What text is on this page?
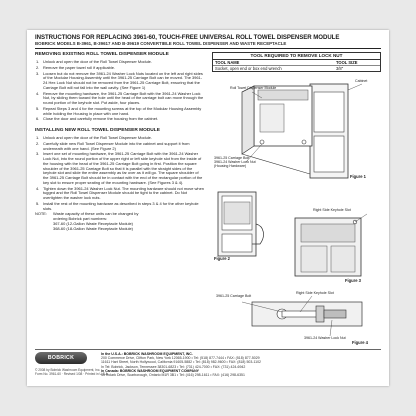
INSTRUCTIONS FOR REPLACING 3961-60, TOUCH-FREE UNIVERSAL ROLL TOWEL DISPENSER MODULE
BOBRICK MODELS B-3961, B-39617 AND B-39619 CONVERTIBLE ROLL TOWEL DISPENSER AND WASTE RECEPTACLE
REMOVING EXISTING ROLL TOWEL DISPENSER MODULE
1. Unlock and open the door of the Roll Towel Dispenser Module.
2. Remove the paper towel roll if applicable.
3. Loosen but do not remove the 3961-24 Washer Lock Nuts located on the left and right sides of the Modular Housing Assembly until the 3961-25 Carriage Bolt can be moved. The 3961-24 Hex Lock Nut should not be removed from the 3961-25 Carriage Bolt, ensuring that the Carriage Bolt will not fall into the wall cavity. (See Figure 1)
4. Remove the mounting hardware, the 3961-25 Carriage Bolt with the 3961-24 Washer Lock Nut, by sliding them toward the hole until the head of the carriage bolt can move through the round portion of the keyhole slot. Put aside, four places.
5. Repeat Steps 3 and 4 for the mounting screws at the top of the Modular Housing Assembly while holding the Housing in place with one hand.
6. Close the door and carefully remove the housing from the cabinet.
INSTALLING NEW ROLL TOWEL DISPENSER MODULE
1. Unlock and open the door of the Roll Towel Dispenser Module.
2. Carefully slide new Roll Towel Dispenser Module into the cabinet and support it from underneath with one hand. (See Figure 2)
3. Insert one set of mounting hardware, the 3961-25 Carriage Bolt with the 3961-24 Washer Lock Nut, into the round portion of the upper right or left side keyhole slot from the inside of the housing with the head of the 3961-25 Carriage Bolt going in first. Position the square shoulder of the 3961-25 Carriage Bolt so that it is parallel with the straight sides of the keyhole slot and slide the entire assembly as far over as it will go. The square shoulder of the 3961-25 Carriage Bolt should be in contact with the end of the rectangular portion of the key slot to ensure proper seating of the mounting hardware. (See Figures 3 & 4).
4. Tighten down the 3961-24 Washer Lock Nut. The mounting hardware should not move when tugged and the Roll Towel Dispenser Module should be tight to the cabinet. Do Not overtighten the washer lock nuts.
5. Install the rest of the mounting hardware as described in steps 3 & 4 for the other keyhole slots.
NOTE:	Waste capacity of these units can be changed by
ordering Bobrick part numbers:
367-60 (12-Gallon Waste Receptacle Module)
368-60 (18-Gallon Waste Receptacle Module)
TOOL REQUIRED TO REMOVE LOCK NUT
TOOL NAME	TOOL SIZE
Socket, open end or box end wrench	3/8"
Roll Towel Dispenser Module
Cabinet
3961-25 Carriage Bolt
3961-24 Washer Lock Nut
(Housing Hardware)
Figure 1
Figure 2
Right Side Keyhole Slot
Figure 3
3961-25 Carriage Bolt
Right Side Keyhole Slot
3961-24 Washer Lock Nut
Figure 4
BOBRICK
In the U.S.A.: BOBRICK WASHROOM EQUIPMENT, INC.
200 Commerce Drive, Clifton Park, New York 12065-1900 • Tel: (518) 877-7444 • FAX: (518) 877-5029
11611 Hart Street, North Hollywood, California 91605-5882 • Tel: (818) 982-9600 • FAX: (818) 503-1102
In Tel: Bobrick, Jackson, Tennessee 38301-6823 • Tel: (731) 424-7000 • FAX: (731) 424-6942
In Canada: BOBRICK WASHROOM EQUIPMENT COMPANY
45 Rolark Drive, Scarborough, Ontario M1R 3B1 • Tel: (416) 298-1611 • FAX: (416) 298-6351
© 2008 by Bobrick Washroom Equipment, Inc.
Form No. 3961-60 · Revised 1/08 · Printed in U.S.A.
